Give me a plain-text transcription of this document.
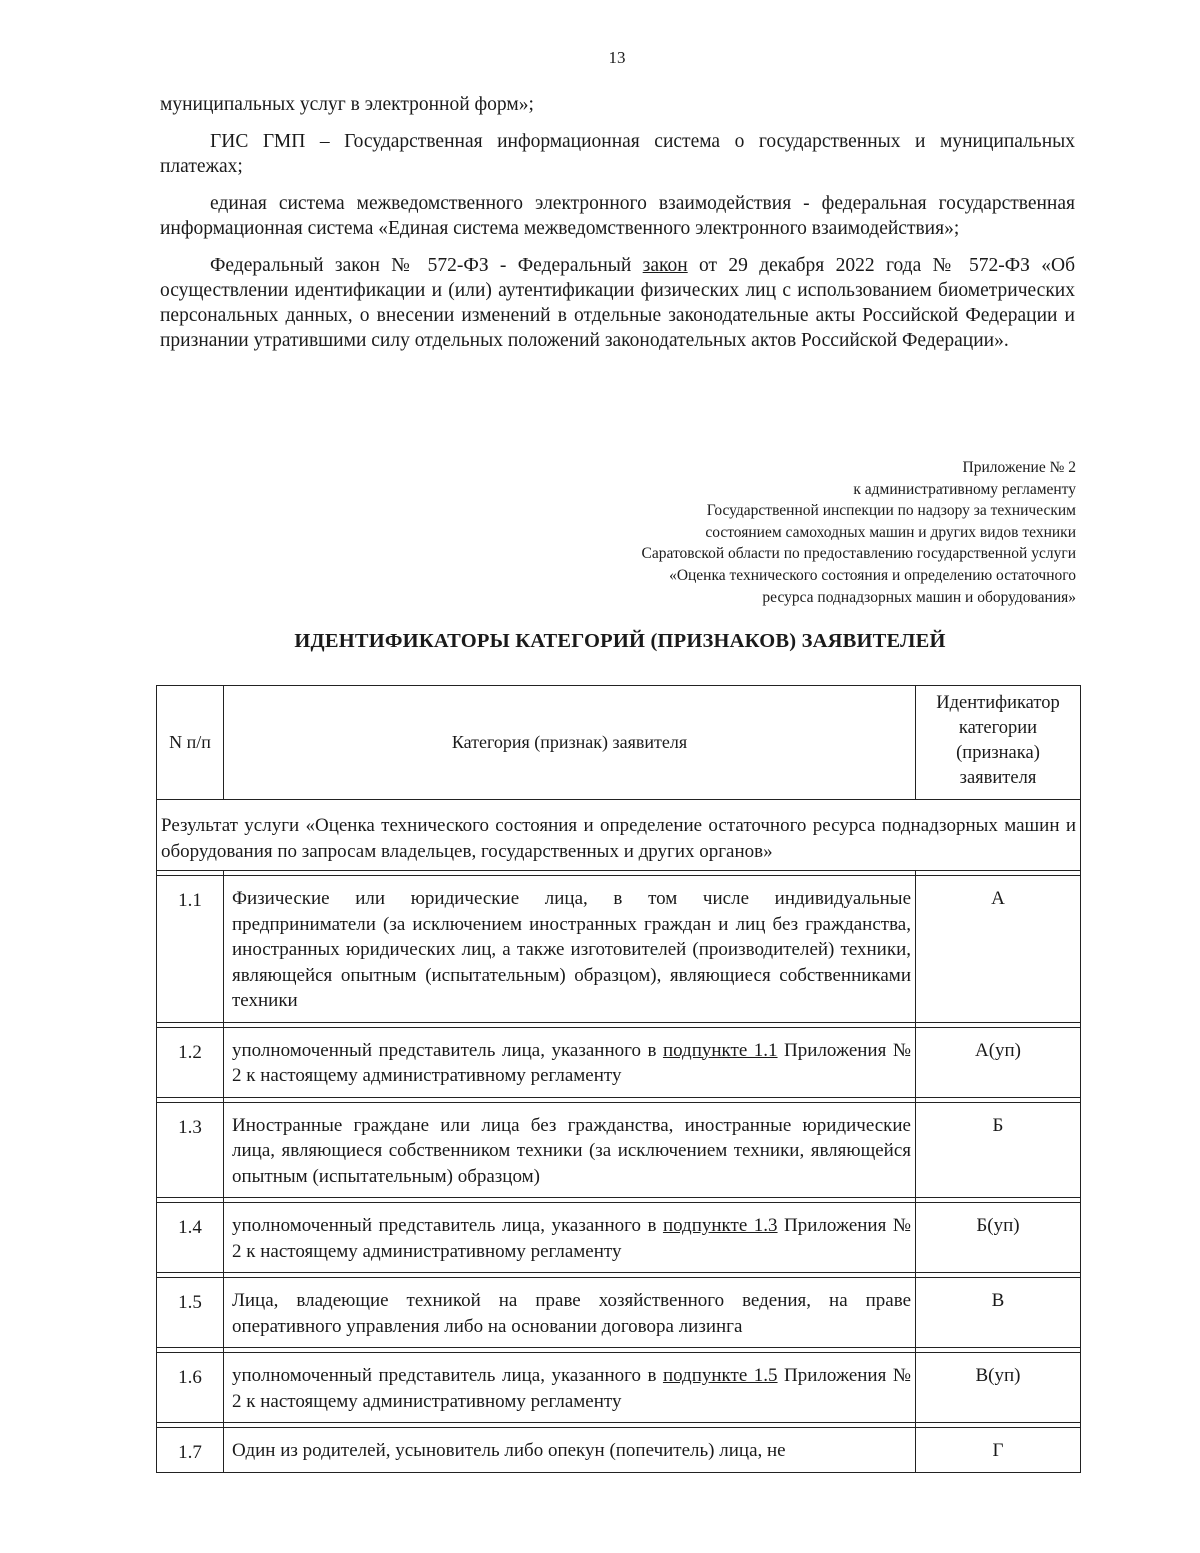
13

муниципальных услуг в электронной форм»;

ГИС ГМП – Государственная информационная система о государственных и муниципальных платежах;

единая система межведомственного электронного взаимодействия - федеральная государственная информационная система «Единая система межведомственного электронного взаимодействия»;

Федеральный закон № 572-ФЗ - Федеральный закон от 29 декабря 2022 года № 572-ФЗ «Об осуществлении идентификации и (или) аутентификации физических лиц с использованием биометрических персональных данных, о внесении изменений в отдельные законодательные акты Российской Федерации и признании утратившими силу отдельных положений законодательных актов Российской Федерации».

Приложение № 2
к административному регламенту
Государственной инспекции по надзору за техническим
состоянием самоходных машин и других видов техники
Саратовской области по предоставлению государственной услуги
«Оценка технического состояния и определению остаточного
ресурса поднадзорных машин и оборудования»
ИДЕНТИФИКАТОРЫ КАТЕГОРИЙ (ПРИЗНАКОВ) ЗАЯВИТЕЛЕЙ
N п/п	Категория (признак) заявителя	Идентификатор категории (признака) заявителя
Результат услуги «Оценка технического состояния и определение остаточного ресурса поднадзорных машин и оборудования по запросам владельцев, государственных и других органов»		

1.1	Физические или юридические лица, в том числе индивидуальные предприниматели (за исключением иностранных граждан и лиц без гражданства, иностранных юридических лиц, а также изготовителей (производителей) техники, являющейся опытным (испытательным) образцом), являющиеся собственниками техники	А

1.2	уполномоченный представитель лица, указанного в подпункте 1.1 Приложения № 2 к настоящему административному регламенту	А(уп)

1.3	Иностранные граждане или лица без гражданства, иностранные юридические лица, являющиеся собственником техники (за исключением техники, являющейся опытным (испытательным) образцом)	Б

1.4	уполномоченный представитель лица, указанного в подпункте 1.3 Приложения № 2 к настоящему административному регламенту	Б(уп)

1.5	Лица, владеющие техникой на праве хозяйственного ведения, на праве оперативного управления либо на основании договора лизинга	В

1.6	уполномоченный представитель лица, указанного в подпункте 1.5 Приложения № 2 к настоящему административному регламенту	В(уп)

1.7	Один из родителей, усыновитель либо опекун (попечитель) лица, не	Г
